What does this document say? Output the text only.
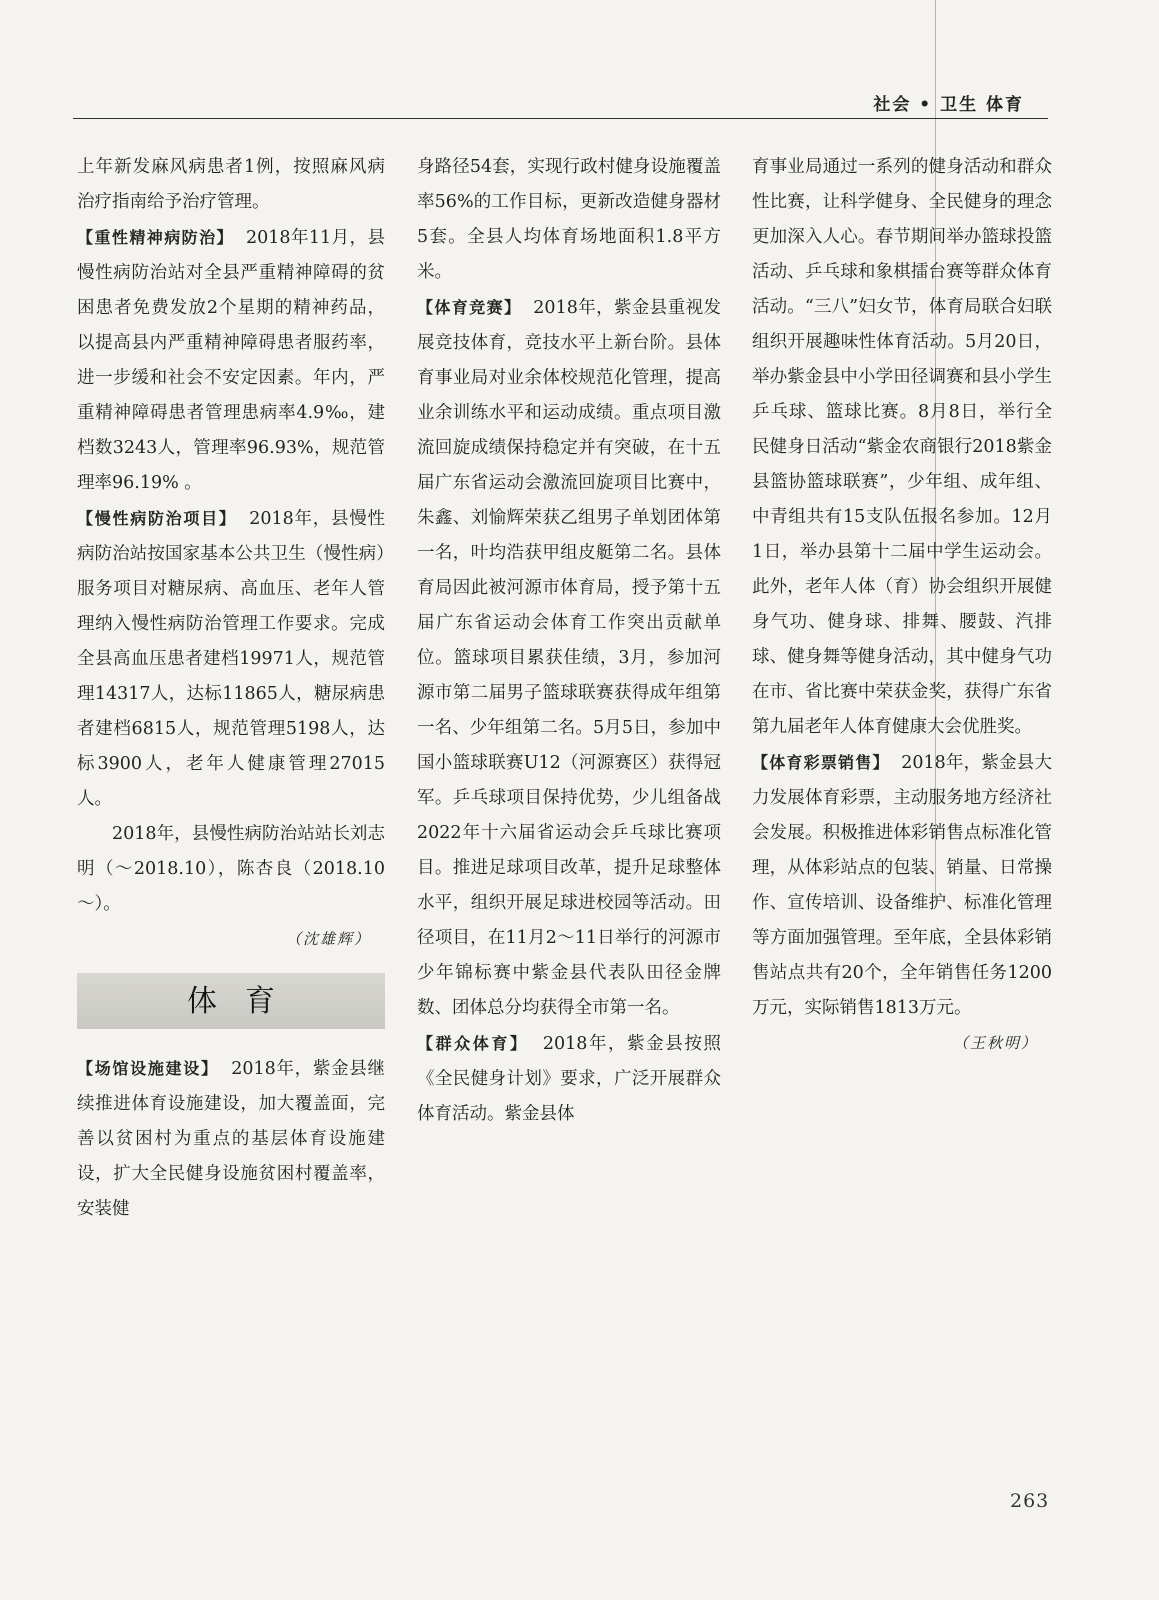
社会 • 卫生 体育

上年新发麻风病患者1例，按照麻风病治疗指南给予治疗管理。

【重性精神病防治】 2018年11月，县慢性病防治站对全县严重精神障碍的贫困患者免费发放2个星期的精神药品，以提高县内严重精神障碍患者服药率，进一步缓和社会不安定因素。年内，严重精神障碍患者管理患病率4.9‰，建档数3243人，管理率96.93%，规范管理率96.19% 。

【慢性病防治项目】 2018年，县慢性病防治站按国家基本公共卫生（慢性病）服务项目对糖尿病、高血压、老年人管理纳入慢性病防治管理工作要求。完成全县高血压患者建档19971人，规范管理14317人，达标11865人，糖尿病患者建档6815人，规范管理5198人，达标3900人，老年人健康管理27015人。

2018年，县慢性病防治站站长刘志明（～2018.10），陈杏良（2018.10～）。

（沈雄辉）

体育

【场馆设施建设】 2018年，紫金县继续推进体育设施建设，加大覆盖面，完善以贫困村为重点的基层体育设施建设，扩大全民健身设施贫困村覆盖率，安装健

身路径54套，实现行政村健身设施覆盖率56%的工作目标，更新改造健身器材5套。全县人均体育场地面积1.8平方米。

【体育竞赛】 2018年，紫金县重视发展竞技体育，竞技水平上新台阶。县体育事业局对业余体校规范化管理，提高业余训练水平和运动成绩。重点项目激流回旋成绩保持稳定并有突破，在十五届广东省运动会激流回旋项目比赛中，朱鑫、刘愉辉荣获乙组男子单划团体第一名，叶均浩获甲组皮艇第二名。县体育局因此被河源市体育局，授予第十五届广东省运动会体育工作突出贡献单位。篮球项目累获佳绩，3月，参加河源市第二届男子篮球联赛获得成年组第一名、少年组第二名。5月5日，参加中国小篮球联赛U12（河源赛区）获得冠军。乒乓球项目保持优势，少儿组备战2022年十六届省运动会乒乓球比赛项目。推进足球项目改革，提升足球整体水平，组织开展足球进校园等活动。田径项目，在11月2～11日举行的河源市少年锦标赛中紫金县代表队田径金牌数、团体总分均获得全市第一名。

【群众体育】 2018年，紫金县按照《全民健身计划》要求，广泛开展群众体育活动。紫金县体

育事业局通过一系列的健身活动和群众性比赛，让科学健身、全民健身的理念更加深入人心。春节期间举办篮球投篮活动、乒乓球和象棋擂台赛等群众体育活动。“三八”妇女节，体育局联合妇联组织开展趣味性体育活动。5月20日，举办紫金县中小学田径调赛和县小学生乒乓球、篮球比赛。8月8日，举行全民健身日活动“紫金农商银行2018紫金县篮协篮球联赛”，少年组、成年组、中青组共有15支队伍报名参加。12月1日，举办县第十二届中学生运动会。此外，老年人体（育）协会组织开展健身气功、健身球、排舞、腰鼓、汽排球、健身舞等健身活动，其中健身气功在市、省比赛中荣获金奖，获得广东省第九届老年人体育健康大会优胜奖。

【体育彩票销售】 2018年，紫金县大力发展体育彩票，主动服务地方经济社会发展。积极推进体彩销售点标准化管理，从体彩站点的包装、销量、日常操作、宣传培训、设备维护、标准化管理等方面加强管理。至年底，全县体彩销售站点共有20个，全年销售任务1200万元，实际销售1813万元。

（王秋明）

263
